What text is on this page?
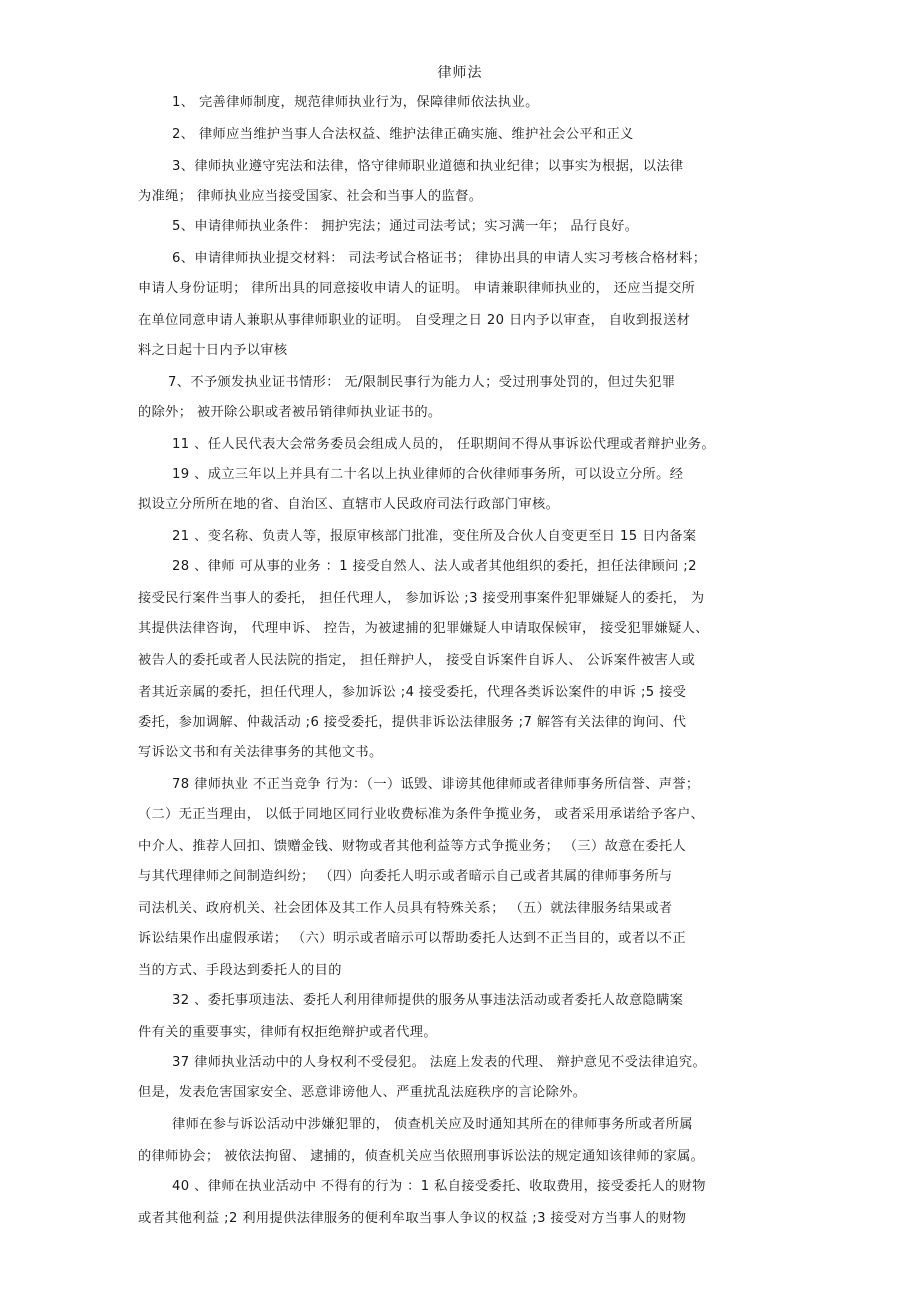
律师法
1、 完善律师制度，规范律师执业行为，保障律师依法执业。
2、 律师应当维护当事人合法权益、维护法律正确实施、维护社会公平和正义
3、律师执业遵守宪法和法律，恪守律师职业道德和执业纪律；以事实为根据，以法律
为准绳； 律师执业应当接受国家、社会和当事人的监督。
5、申请律师执业条件： 拥护宪法；通过司法考试；实习满一年； 品行良好。
6、申请律师执业提交材料： 司法考试合格证书； 律协出具的申请人实习考核合格材料；
申请人身份证明； 律所出具的同意接收申请人的证明。 申请兼职律师执业的， 还应当提交所
在单位同意申请人兼职从事律师职业的证明。 自受理之日 20 日内予以审查， 自收到报送材
料之日起十日内予以审核
7、不予颁发执业证书情形： 无/限制民事行为能力人；受过刑事处罚的，但过失犯罪
的除外； 被开除公职或者被吊销律师执业证书的。
11 、任人民代表大会常务委员会组成人员的， 任职期间不得从事诉讼代理或者辩护业务。
19 、成立三年以上并具有二十名以上执业律师的合伙律师事务所，可以设立分所。经
拟设立分所所在地的省、自治区、直辖市人民政府司法行政部门审核。
21 、变名称、负责人等，报原审核部门批准，变住所及合伙人自变更至日 15 日内备案
28 、律师 可从事的业务 ：1 接受自然人、法人或者其他组织的委托，担任法律顾问 ;2
接受民行案件当事人的委托， 担任代理人， 参加诉讼 ;3 接受刑事案件犯罪嫌疑人的委托， 为
其提供法律咨询， 代理申诉、 控告，为被逮捕的犯罪嫌疑人申请取保候审， 接受犯罪嫌疑人、
被告人的委托或者人民法院的指定， 担任辩护人， 接受自诉案件自诉人、 公诉案件被害人或
者其近亲属的委托，担任代理人，参加诉讼 ;4 接受委托，代理各类诉讼案件的申诉 ;5 接受
委托，参加调解、仲裁活动 ;6 接受委托，提供非诉讼法律服务 ;7 解答有关法律的询问、代
写诉讼文书和有关法律事务的其他文书。
78 律师执业 不正当竞争 行为：（一）诋毁、诽谤其他律师或者律师事务所信誉、声誉；
（二）无正当理由， 以低于同地区同行业收费标准为条件争揽业务， 或者采用承诺给予客户、
中介人、推荐人回扣、馈赠金钱、财物或者其他利益等方式争揽业务； （三）故意在委托人
与其代理律师之间制造纠纷； （四）向委托人明示或者暗示自己或者其属的律师事务所与
司法机关、政府机关、社会团体及其工作人员具有特殊关系； （五）就法律服务结果或者
诉讼结果作出虚假承诺； （六）明示或者暗示可以帮助委托人达到不正当目的，或者以不正
当的方式、手段达到委托人的目的
32 、委托事项违法、委托人利用律师提供的服务从事违法活动或者委托人故意隐瞒案
件有关的重要事实，律师有权拒绝辩护或者代理。
37 律师执业活动中的人身权利不受侵犯。 法庭上发表的代理、 辩护意见不受法律追究。
但是，发表危害国家安全、恶意诽谤他人、严重扰乱法庭秩序的言论除外。
律师在参与诉讼活动中涉嫌犯罪的， 侦查机关应及时通知其所在的律师事务所或者所属
的律师协会； 被依法拘留、 逮捕的，侦查机关应当依照刑事诉讼法的规定通知该律师的家属。
40 、律师在执业活动中 不得有的行为 ：1 私自接受委托、收取费用，接受委托人的财物
或者其他利益 ;2 利用提供法律服务的便利牟取当事人争议的权益 ;3 接受对方当事人的财物
